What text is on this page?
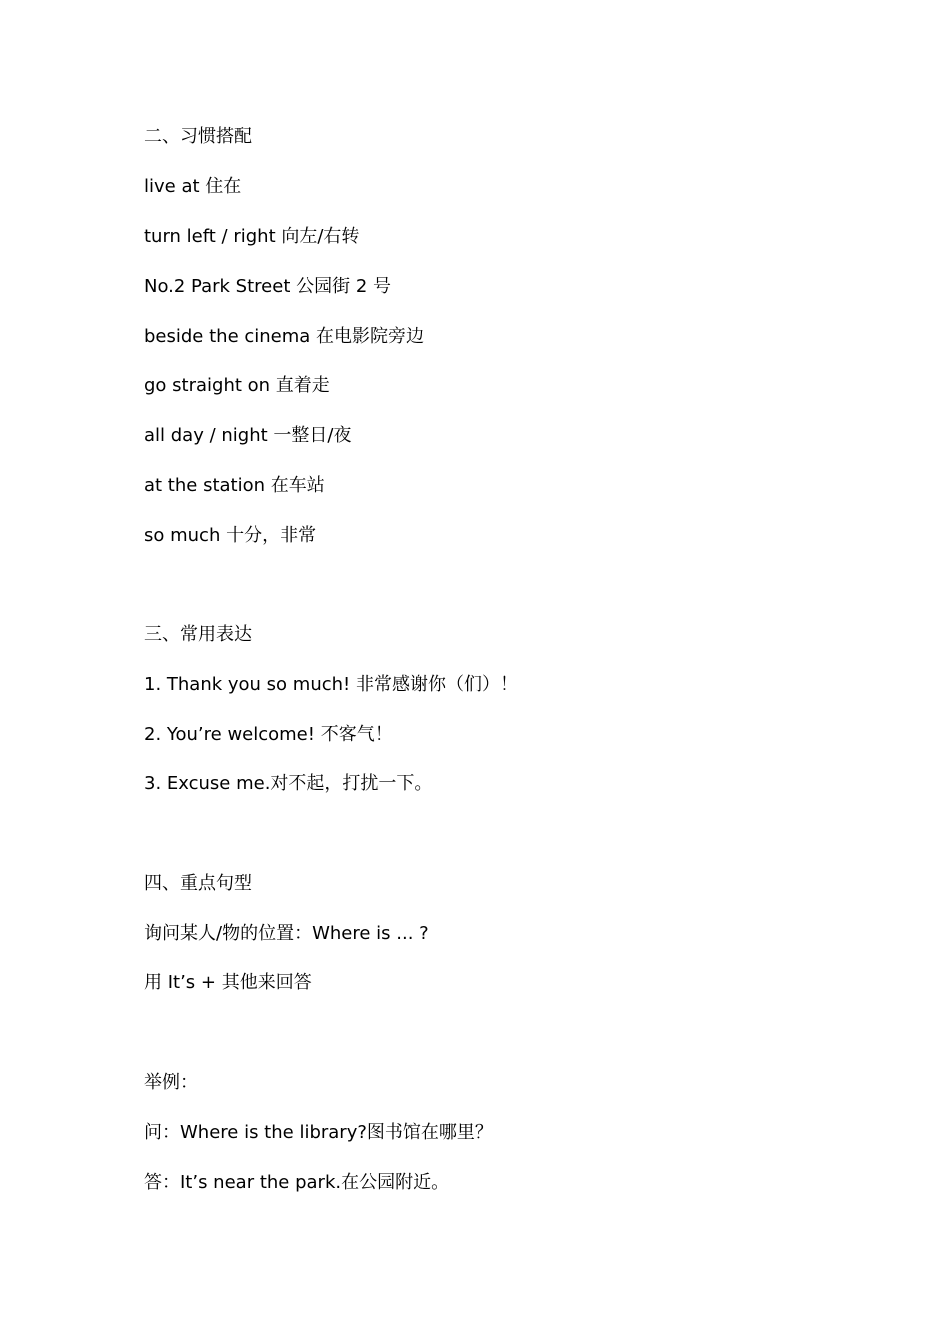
二、习惯搭配
live at 住在
turn left / right 向左/右转
No.2 Park Street 公园街 2 号
beside the cinema 在电影院旁边
go straight on 直着走
all day / night 一整日/夜
at the station 在车站
so much 十分，非常
三、常用表达
1. Thank you so much! 非常感谢你（们）！
2. You’re welcome! 不客气！
3. Excuse me.对不起，打扰一下。
四、重点句型
询问某人/物的位置：Where is ... ?
用 It’s + 其他来回答
举例：
问：Where is the library?图书馆在哪里？
答：It’s near the park.在公园附近。
